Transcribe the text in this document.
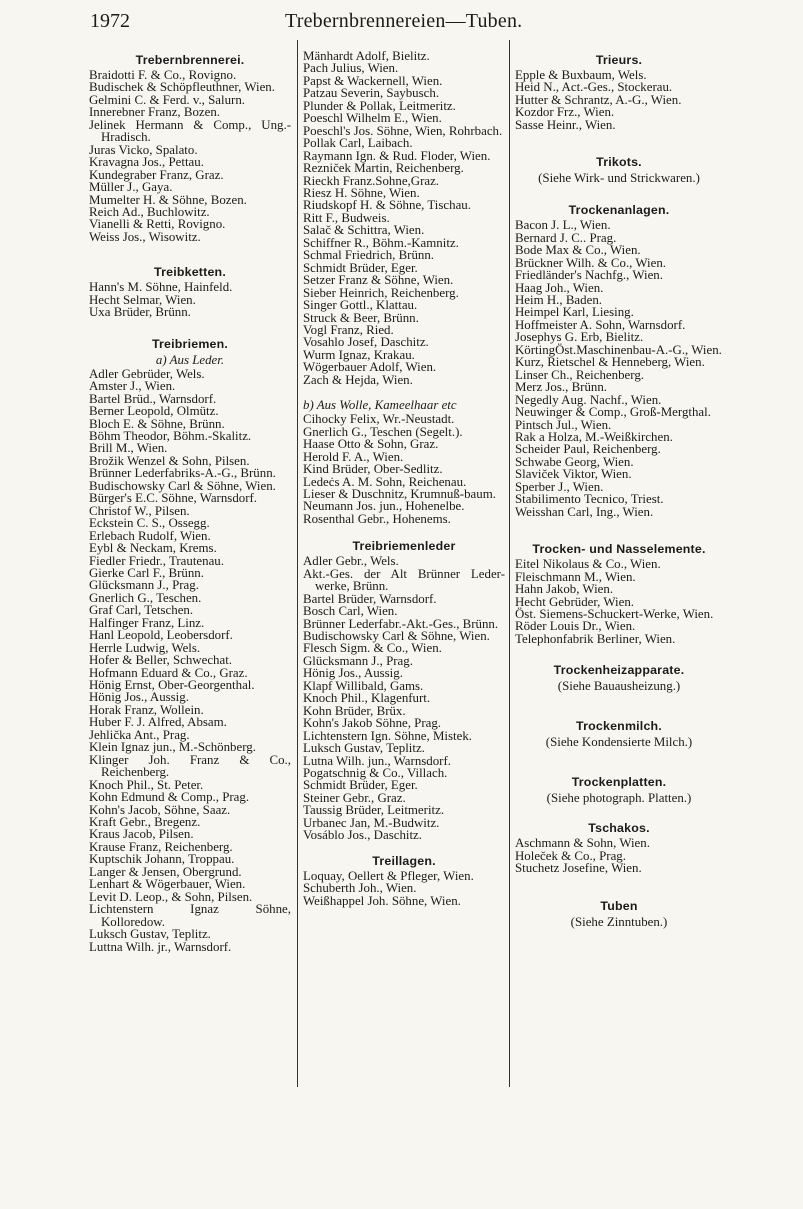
1972	Trebernbrennereien—Tuben.
Trebernbrennerei.
Braidotti F. & Co., Rovigno.
Budischek & Schöpfleuthner, Wien.
Gelmini C. & Ferd. v., Salurn.
Innerebner Franz, Bozen.
Jelinek Hermann & Comp., Ung.-Hradisch.
Juras Vicko, Spalato.
Kravagna Jos., Pettau.
Kundegraber Franz, Graz.
Müller J., Gaya.
Mumelter H. & Söhne, Bozen.
Reich Ad., Buchlowitz.
Vianelli & Retti, Rovigno.
Weiss Jos., Wisowitz.
Treibketten.
Hann's M. Söhne, Hainfeld.
Hecht Selmar, Wien.
Uxa Brüder, Brünn.
Treibriemen.
a) Aus Leder.
Adler Gebrüder, Wels.
Amster J., Wien.
Bartel Brüd., Warnsdorf.
Berner Leopold, Olmütz.
Bloch E. & Söhne, Brünn.
Böhm Theodor, Böhm.-Skalitz.
Brill M., Wien.
Brožik Wenzel & Sohn, Pilsen.
Brünner Lederfabriks-A.-G., Brünn.
Budischowsky Carl & Söhne, Wien.
Bürger's E.C. Söhne, Warnsdorf.
Christof W., Pilsen.
Eckstein C. S., Ossegg.
Erlebach Rudolf, Wien.
Eybl & Neckam, Krems.
Fiedler Friedr., Trautenau.
Gierke Carl F., Brünn.
Glücksmann J., Prag.
Gnerlich G., Teschen.
Graf Carl, Tetschen.
Halfinger Franz, Linz.
Hanl Leopold, Leobersdorf.
Herrle Ludwig, Wels.
Hofer & Beller, Schwechat.
Hofmann Eduard & Co., Graz.
Hönig Ernst, Ober-Georgenthal.
Hönig Jos., Aussig.
Horak Franz, Wollein.
Huber F. J. Alfred, Absam.
Jehlička Ant., Prag.
Klein Ignaz jun., M.-Schönberg.
Klinger Joh. Franz & Co., Reichenberg.
Knoch Phil., St. Peter.
Kohn Edmund & Comp., Prag.
Kohn's Jacob, Söhne, Saaz.
Kraft Gebr., Bregenz.
Kraus Jacob, Pilsen.
Krause Franz, Reichenberg.
Kuptschik Johann, Troppau.
Langer & Jensen, Obergrund.
Lenhart & Wögerbauer, Wien.
Levit D. Leop., & Sohn, Pilsen.
Lichtenstern Ignaz Söhne, Kolloredow.
Luksch Gustav, Teplitz.
Luttna Wilh. jr., Warnsdorf.
Mänhardt Adolf, Bielitz.
Pach Julius, Wien.
Papst & Wackernell, Wien.
Patzau Severin, Saybusch.
Plunder & Pollak, Leitmeritz.
Poeschl Wilhelm E., Wien.
Poeschl's Jos. Söhne, Wien, Rohrbach.
Pollak Carl, Laibach.
Raymann Ign. & Rud. Floder, Wien.
Rezniček Martin, Reichenberg.
Rieckh Franz.Sohne,Graz.
Riesz H. Söhne, Wien.
Riudskopf H. & Söhne, Tischau.
Ritt F., Budweis.
Salač & Schittra, Wien.
Schiffner R., Böhm.-Kamnitz.
Schmal Friedrich, Brünn.
Schmidt Brüder, Eger.
Setzer Franz & Söhne, Wien.
Sieber Heinrich, Reichenberg.
Singer Gottl., Klattau.
Struck & Beer, Brünn.
Vogl Franz, Ried.
Vosahlo Josef, Daschitz.
Wurm Ignaz, Krakau.
Wögerbauer Adolf, Wien.
Zach & Hejda, Wien.
b) Aus Wolle, Kameelhaar etc
Cihocky Felix, Wr.-Neustadt.
Gnerlich G., Teschen (Segelt.).
Haase Otto & Sohn, Graz.
Herold F. A., Wien.
Kind Brüder, Ober-Sedlitz.
Ledeċs A. M. Sohn, Reichenau.
Lieser & Duschnitz, Krumnuß-baum.
Neumann Jos. jun., Hohenelbe.
Rosenthal Gebr., Hohenems.
Treibriemenleder
Adler Gebr., Wels.
Akt.-Ges. der Alt Brünner Leder-werke, Brünn.
Bartel Brüder, Warnsdorf.
Bosch Carl, Wien.
Brünner Lederfabr.-Akt.-Ges., Brünn.
Budischowsky Carl & Söhne, Wien.
Flesch Sigm. & Co., Wien.
Glücksmann J., Prag.
Hönig Jos., Aussig.
Klapf Willibald, Gams.
Knoch Phil., Klagenfurt.
Kohn Brüder, Brüx.
Kohn's Jakob Söhne, Prag.
Lichtenstern Ign. Söhne, Mistek.
Luksch Gustav, Teplitz.
Lutna Wilh. jun., Warnsdorf.
Pogatschnig & Co., Villach.
Schmidt Brüder, Eger.
Steiner Gebr., Graz.
Taussig Brüder, Leitmeritz.
Urbanec Jan, M.-Budwitz.
Vosáblo Jos., Daschitz.
Treillagen.
Loquay, Oellert & Pfleger, Wien.
Schuberth Joh., Wien.
Weißhappel Joh. Söhne, Wien.
Trieurs.
Epple & Buxbaum, Wels.
Heid N., Act.-Ges., Stockerau.
Hutter & Schrantz, A.-G., Wien.
Kozdor Frz., Wien.
Sasse Heinr., Wien.
Trikots.
(Siehe Wirk- und Strickwaren.)
Trockenanlagen.
Bacon J. L., Wien.
Bernard J. C.. Prag.
Bode Max & Co., Wien.
Brückner Wilh. & Co., Wien.
Friedländer's Nachfg., Wien.
Haag Joh., Wien.
Heim H., Baden.
Heimpel Karl, Liesing.
Hoffmeister A. Sohn, Warnsdorf.
Josephys G. Erb, Bielitz.
KörtingÖst.Maschinenbau-A.-G., Wien.
Kurz, Rietschel & Henneberg, Wien.
Linser Ch., Reichenberg.
Merz Jos., Brünn.
Negedly Aug. Nachf., Wien.
Neuwinger & Comp., Groß-Mergthal.
Pintsch Jul., Wien.
Rak a Holza, M.-Weißkirchen.
Scheider Paul, Reichenberg.
Schwabe Georg, Wien.
Slaviček Viktor, Wien.
Sperber J., Wien.
Stabilimento Tecnico, Triest.
Weisshan Carl, Ing., Wien.
Trocken- und Nasselemente.
Eitel Nikolaus & Co., Wien.
Fleischmann M., Wien.
Hahn Jakob, Wien.
Hecht Gebrüder, Wien.
Öst. Siemens-Schuckert-Werke, Wien.
Röder Louis Dr., Wien.
Telephonfabrik Berliner, Wien.
Trockenheizapparate.
(Siehe Bauausheizung.)
Trockenmilch.
(Siehe Kondensierte Milch.)
Trockenplatten.
(Siehe photograph. Platten.)
Tschakos.
Aschmann & Sohn, Wien.
Holeček & Co., Prag.
Stuchetz Josefine, Wien.
Tuben
(Siehe Zinntuben.)
